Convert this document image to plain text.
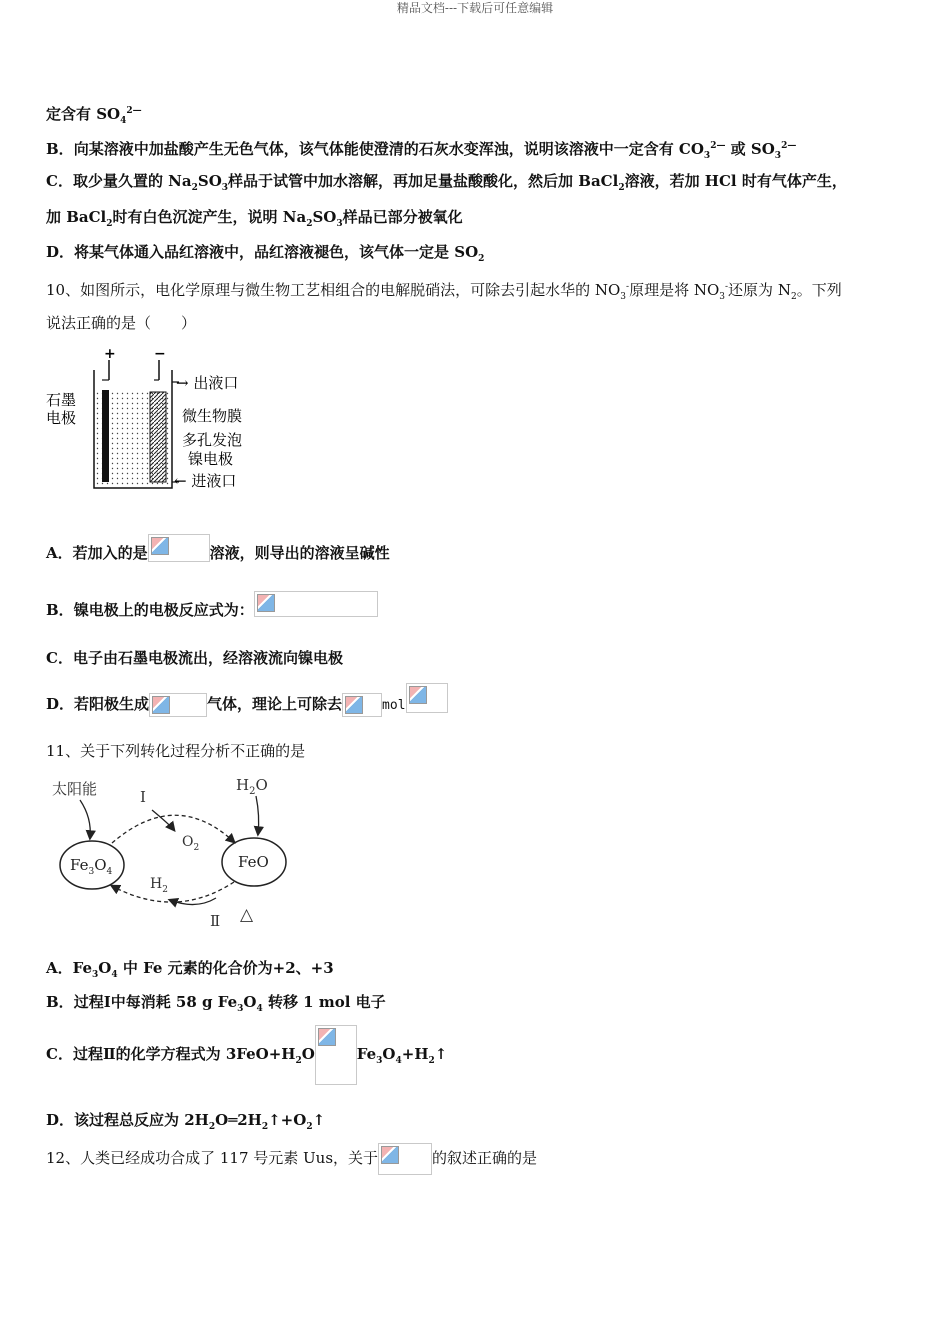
精品文档---下载后可任意编辑
定含有 $SO_4^{2—}$
B．向某溶液中加盐酸产生无色气体，该气体能使澄清的石灰水变浑浊，说明该溶液中一定含有 $CO_3^{2—}$ 或 $SO_3^{2—}$
C．取少量久置的 $Na_2SO_3$样品于试管中加水溶解，再加足量盐酸酸化，然后加 BaCl$_2$溶液，若加 HCl 时有气体产生，
加 BaCl$_2$时有白色沉淀产生，说明 $Na_2SO_3$样品已部分被氧化
D．将某气体通入品红溶液中，品红溶液褪色，该气体一定是 $SO_2$
10、如图所示，电化学原理与微生物工艺相组合的电解脱硝法，可除去引起水华的 $NO_3^-$原理是将 $NO_3^-$还原为 $N_2$。下列
说法正确的是（　　）
+	−
石墨
电极
→ 出液口
微生物膜
多孔发泡
镍电极
← 进液口
A．若加入的是	溶液，则导出的溶液呈碱性
B．镍电极上的电极反应式为：
C．电子由石墨电极流出，经溶液流向镍电极
D．若阳极生成	气体，理论上可除去	mol
11、关于下列转化过程分析不正确的是
太阳能	$H_2O$
Ⅰ
$O_2$
$Fe_3O_4$
FeO
$H_2$
Ⅱ △
A．$Fe_3O_4$ 中 Fe 元素的化合价为+2、+3
B．过程Ⅰ中每消耗 58 g $Fe_3O_4$ 转移 1 mol 电子
C．过程Ⅱ的化学方程式为 $3FeO+H_2O$	$Fe_3O_4+H_2↑$
D．该过程总反应为 $2H_2O═2H_2↑+O_2↑$
12、人类已经成功合成了 117 号元素 Uus，关于	的叙述正确的是
